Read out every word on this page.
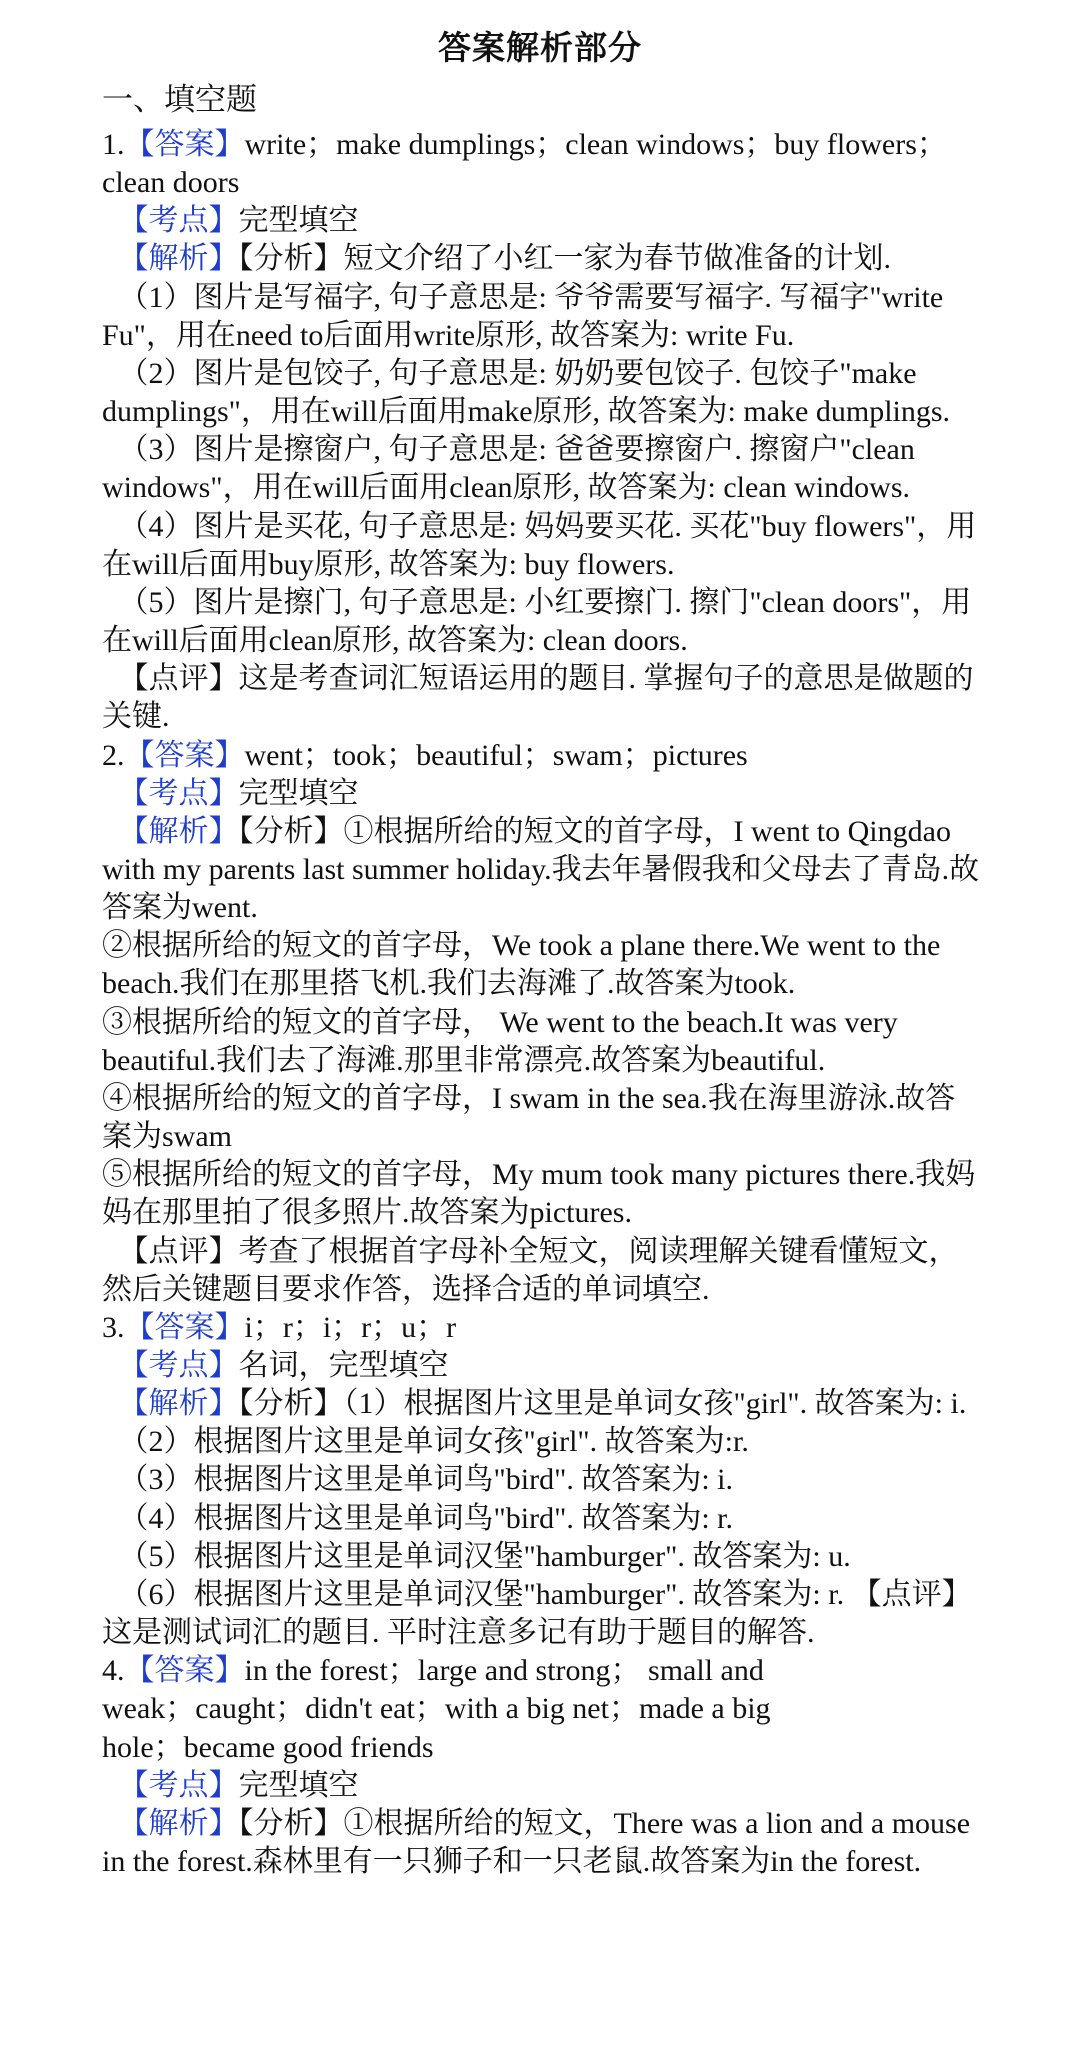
答案解析部分
一、填空题

1.【答案】write；make dumplings；clean windows；buy flowers；clean doors

【考点】完型填空

【解析】【分析】短文介绍了小红一家为春节做准备的计划.

（1）图片是写福字, 句子意思是: 爷爷需要写福字. 写福字"write Fu"，用在need to后面用write原形, 故答案为: write Fu.

（2）图片是包饺子, 句子意思是: 奶奶要包饺子. 包饺子"make dumplings"，用在will后面用make原形, 故答案为: make dumplings.

（3）图片是擦窗户, 句子意思是: 爸爸要擦窗户. 擦窗户"clean windows"，用在will后面用clean原形, 故答案为: clean windows.

（4）图片是买花, 句子意思是: 妈妈要买花. 买花"buy flowers"，用在will后面用buy原形, 故答案为: buy flowers.

（5）图片是擦门, 句子意思是: 小红要擦门. 擦门"clean doors"，用在will后面用clean原形, 故答案为: clean doors.

【点评】这是考查词汇短语运用的题目. 掌握句子的意思是做题的关键.

2.【答案】went；took；beautiful；swam；pictures

【考点】完型填空

【解析】【分析】①根据所给的短文的首字母，I went to Qingdao with my parents last summer holiday.我去年暑假我和父母去了青岛.故答案为went.

②根据所给的短文的首字母，We took a plane there.We went to the beach.我们在那里搭飞机.我们去海滩了.故答案为took.

③根据所给的短文的首字母， We went to the beach.It was very beautiful.我们去了海滩.那里非常漂亮.故答案为beautiful.

④根据所给的短文的首字母，I swam in the sea.我在海里游泳.故答案为swam

⑤根据所给的短文的首字母，My mum took many pictures there.我妈妈在那里拍了很多照片.故答案为pictures.

【点评】考查了根据首字母补全短文，阅读理解关键看懂短文，然后关键题目要求作答，选择合适的单词填空.

3.【答案】i；r；i；r；u；r

【考点】名词，完型填空

【解析】【分析】（1）根据图片这里是单词女孩"girl". 故答案为: i.

（2）根据图片这里是单词女孩"girl". 故答案为:r.

（3）根据图片这里是单词鸟"bird". 故答案为: i.

（4）根据图片这里是单词鸟"bird". 故答案为: r.

（5）根据图片这里是单词汉堡"hamburger". 故答案为: u.

（6）根据图片这里是单词汉堡"hamburger". 故答案为: r. 【点评】这是测试词汇的题目. 平时注意多记有助于题目的解答.

4.【答案】in the forest；large and strong； small and
weak；caught；didn't eat；with a big net；made a big
hole；became good friends

【考点】完型填空

【解析】【分析】①根据所给的短文，There was a lion and a mouse in the forest.森林里有一只狮子和一只老鼠.故答案为in the forest.
